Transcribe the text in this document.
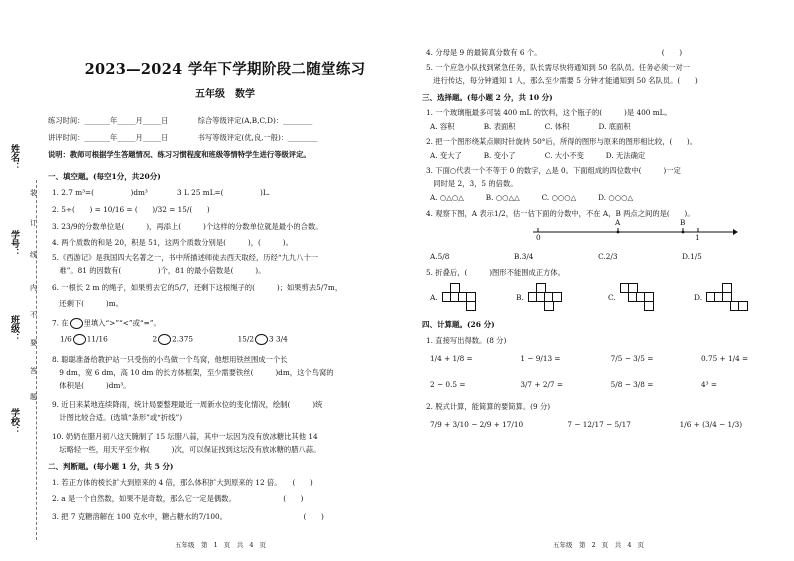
姓名：
学号：
班级：
学校：
装
订
线
内
不
要
答
题
2023—2024 学年下学期阶段二随堂练习
五年级　数学
练习时间：_______年_____月_____日　　　　综合等级评定(A,B,C,D)：________
讲评时间：_______年_____月_____日　　　　书写等级评定(优,良,一般)：________
说明：教师可根据学生答题情况、练习习惯程度和班级等情特学生进行等级评定。
一、填空题。(每空1分，共20分)
1. 2.7 m³=(　　　　　)dm³　　　　3 L 25 mL=(　　　　　)L.
2. 5÷(　　) = 10/16 = (　　)/32 = 15/(　　)
3. 23/9的分数单位是(　　　)，再添上(　　　)个这样的分数单位就是最小的合数。
4. 两个质数的和是 20，积是 51，这两个质数分别是(　　　)，(　　　)。
5.《西游记》是我国四大名著之一，书中所描述师徒去西天取经，历经“九九八十一
　难”。81 的因数有(　　　　　)个，81 的最小倍数是(　　　)。
6. 一根长 2 m 的绳子，如果剪去它的5/7，还剩下这根绳子的(　　　)；如果剪去5/7m，
　还剩下(　　　)m。
7. 在 里填入“>”“<”或“=”。
1/6 11/16	2 2.375	15/2 3 3/4
8. 聪聪准备给教护站一只受伤的小鸟做一个鸟窝，他想用铁丝围成一个长
　9 dm，宽 6 dm，高 10 dm 的长方体框架，至少需要铁丝(　　　)dm，这个鸟窝的
　体积是(　　　)dm³。
9. 近日来某地连续降雨，统计局要整理最近一周新水位的变化情况，绘制(　　　)统
　计图比较合适。(选填“条形”或“折线”)
10. 奶奶在腊月初八这天腌制了 15 坛腊八蒜，其中一坛因为没有放冰糖比其他 14
　坛略轻一些，用天平至少称(　　　)次，可以保证找到这坛没有放冰糖的腊八蒜。
二、判断题。(每小题 1 分，共 5 分)
1. 若正方体的棱长扩大到原来的 4 倍，那么体积扩大到原来的 12 倍。　　(　　)
2. a 是一个自然数，如果不是奇数，那么它一定是偶数。　　　　　　　(　　)
3. 把 7 克糖溶解在 100 克水中，糖占糖水的7/100。　　　　　　　　　　　(　　)
五年级　第 1 页　共 4 页
4. 分母是 9 的最简真分数有 6 个。　　　　　　　　　　　　　　　　　(　　)
5. 一个应急小队找到紧急任务，队长需尽快将通知到 50 名队员。任务必须一对一
　进行传达，每分钟通知 1 人，那么至少需要 5 分钟才能通知到 50 名队员。(　　)
三、选择题。(每小题 2 分，共 10 分)
1. 一个玻璃瓶最多可装 400 mL 的饮料，这个瓶子的(　　　)是 400 mL。
A. 容积　　　　B. 表面积　　　　C. 体积　　　　D. 底面积
2. 把一个图形绕某点顺时针旋转 50°后，所得的图形与原来的图形相比较，(　　)。
A. 变大了　　　B. 变小了　　　　C. 大小不变　　　D. 无法确定
3. 下面○代表一个不等于 0 的数字，△是 0。下面组成的四位数中(　　　)一定
　同时是 2，3，5 的倍数。
A. ○△○△　　　B. ○○△△　　　C. ○○○△　　　D. ○○○△
4. 观察下图，A 表示1/2，估一估下面的分数中，不在 A，B 两点之间的是(　　)。
0	1
A	B
A.5/8	B.3/4	C.2/3	D.1/5
5. 折叠后，(　　　)图形不能围成正方体。
A.	B.	C.	D.
四、计算题。(26 分)
1. 直接写出得数。(8 分)
1/4 + 1/8 =	1 − 9/13 =	7/5 − 3/5 =	0.75 + 1/4 =
2 − 0.5 =	3/7 + 2/7 =	5/8 − 3/8 =	4³ =
2. 脱式计算，能简算的要简算。(9 分)
7/9 + 3/10 − 2/9 + 17/10	7 − 12/17 − 5/17	1/6 + (3/4 − 1/3)
五年级　第 2 页　共 4 页
